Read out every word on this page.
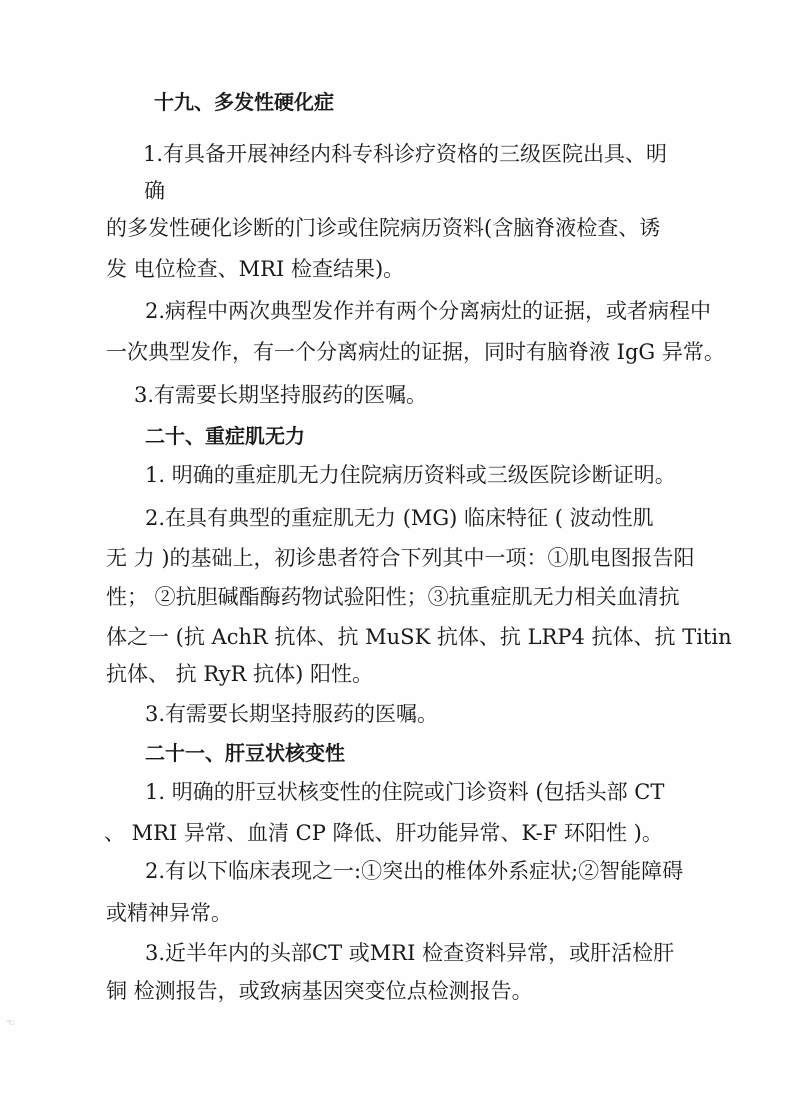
十九、多发性硬化症

1.有具备开展神经内科专科诊疗资格的三级医院出具、明

确

的多发性硬化诊断的门诊或住院病历资料(含脑脊液检查、诱

发 电位检查、MRI 检查结果)。

2.病程中两次典型发作并有两个分离病灶的证据，或者病程中

一次典型发作，有一个分离病灶的证据，同时有脑脊液 IgG 异常。

3.有需要长期坚持服药的医嘱。

二十、重症肌无力

1. 明确的重症肌无力住院病历资料或三级医院诊断证明。

2.在具有典型的重症肌无力 (MG) 临床特征 ( 波动性肌

无 力 )的基础上，初诊患者符合下列其中一项：①肌电图报告阳

性； ②抗胆碱酯酶药物试验阳性；③抗重症肌无力相关血清抗

体之一 (抗 AchR 抗体、抗 MuSK 抗体、抗 LRP4 抗体、抗 Titin

抗体、 抗 RyR 抗体) 阳性。

3.有需要长期坚持服药的医嘱。

二十一、肝豆状核变性

1. 明确的肝豆状核变性的住院或门诊资料 (包括头部 CT

、 MRI 异常、血清 CP 降低、肝功能异常、K-F 环阳性 )。

2.有以下临床表现之一:①突出的椎体外系症状;②智能障碍

或精神异常。

3.近半年内的头部CT 或MRI 检查资料异常，或肝活检肝

铜 检测报告，或致病基因突变位点检测报告。

☜
